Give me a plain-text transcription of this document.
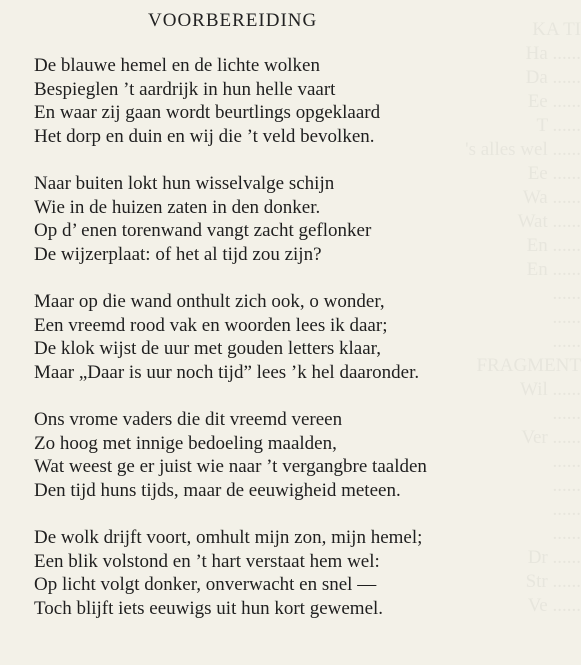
KA TI
Ha ......
Da ......
Ee ......
T ......
's alles wel ......
Ee ......
Wa ......
Wat ......
En ......
En ......
......
......
......
FRAGMENT
Wil ......
......
Ver ......
......
......
......
......
Dr ......
Str ......
Ve ......
VOORBEREIDING
De blauwe hemel en de lichte wolken
Bespieglen ’t aardrijk in hun helle vaart
En waar zij gaan wordt beurtlings opgeklaard
Het dorp en duin en wij die ’t veld bevolken.
Naar buiten lokt hun wisselvalge schijn
Wie in de huizen zaten in den donker.
Op d’ enen torenwand vangt zacht geflonker
De wijzerplaat: of het al tijd zou zijn?
Maar op die wand onthult zich ook, o wonder,
Een vreemd rood vak en woorden lees ik daar;
De klok wijst de uur met gouden letters klaar,
Maar „Daar is uur noch tijd” lees ’k hel daaronder.
Ons vrome vaders die dit vreemd vereen
Zo hoog met innige bedoeling maalden,
Wat weest ge er juist wie naar ’t vergangbre taalden
Den tijd huns tijds, maar de eeuwigheid meteen.
De wolk drijft voort, omhult mijn zon, mijn hemel;
Een blik volstond en ’t hart verstaat hem wel:
Op licht volgt donker, onverwacht en snel —
Toch blijft iets eeuwigs uit hun kort gewemel.
